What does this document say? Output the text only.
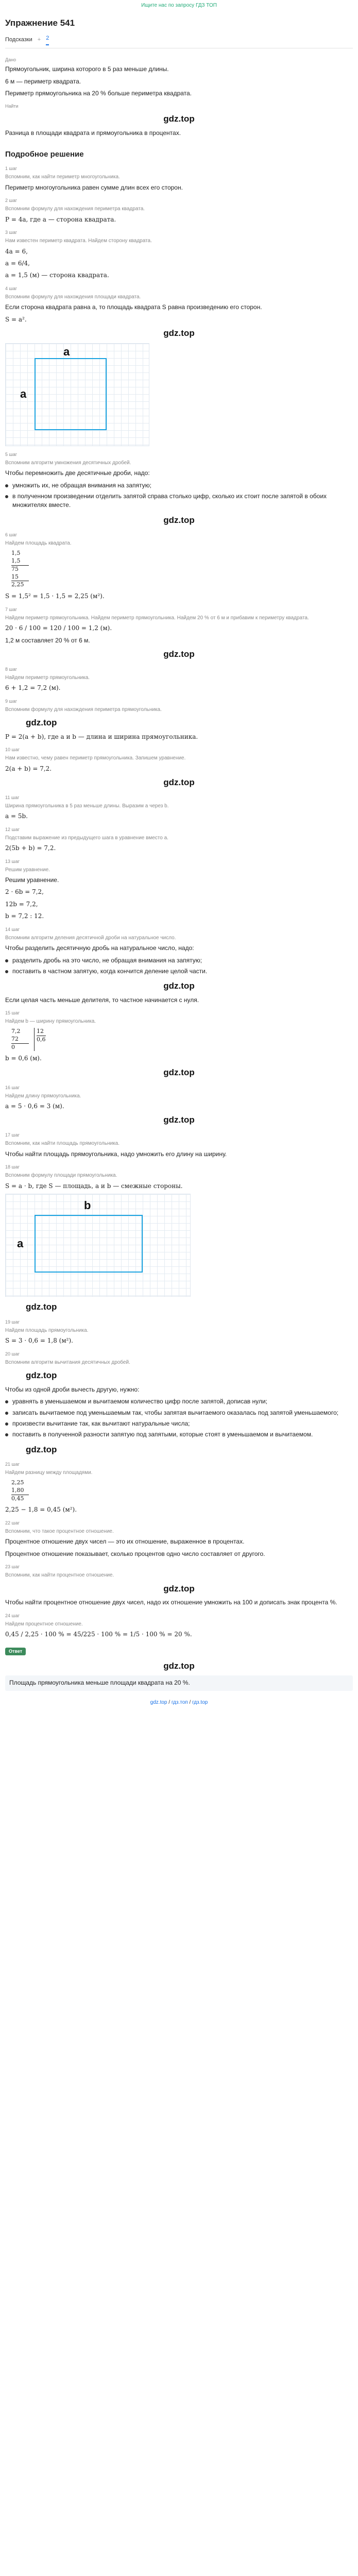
Ищите нас по запросу ГДЗ ТОП
Упражнение 541
Подсказки + 2
Дано

Прямоугольник, ширина которого в 5 раз меньше длины.

6 м — периметр квадрата.

Периметр прямоугольника на 20 % больше периметра квадрата.

Найти
gdz.top

Разница в площади квадрата и прямоугольника в процентах.

Подробное решение
1 шаг
Вспомним, как найти периметр многоугольника.

Периметр многоугольника равен сумме длин всех его сторон.

2 шаг
Вспомним формулу для нахождения периметра квадрата.

P = 4a, где a — сторона квадрата.

3 шаг
Нам известен периметр квадрата. Найдем сторону квадрата.

4a = 6,

a = 6/4,

a = 1,5 (м) — сторона квадрата.

4 шаг
Вспомним формулу для нахождения площади квадрата.

Если сторона квадрата равна a, то площадь квадрата S равна произведению его сторон.

S = a².

gdz.top
a
a
5 шаг
Вспомним алгоритм умножения десятичных дробей.

Чтобы перемножить две десятичные дроби, надо:

умножить их, не обращая внимания на запятую;
в полученном произведении отделить запятой справа столько цифр, сколько их стоит после запятой в обоих множителях вместе.
gdz.top
6 шаг
Найдем площадь квадрата.
1,5
1,5
75
15
2,25

S = 1,5² = 1,5 · 1,5 = 2,25 (м²).

7 шаг
Найдем периметр прямоугольника. Найдем периметр прямоугольника. Найдем 20 % от 6 м и прибавим к периметру квадрата.

20 · 6 / 100 = 120 / 100 = 1,2 (м).

1,2 м составляет 20 % от 6 м.

gdz.top
8 шаг
Найдем периметр прямоугольника.

6 + 1,2 = 7,2 (м).

9 шаг
Вспомним формулу для нахождения периметра прямоугольника.
gdz.top

P = 2(a + b), где a и b — длина и ширина прямоугольника.

10 шаг
Нам известно, чему равен периметр прямоугольника. Запишем уравнение.

2(a + b) = 7,2.

gdz.top
11 шаг
Ширина прямоугольника в 5 раз меньше длины. Выразим a через b.

a = 5b.

12 шаг
Подставим выражение из предыдущего шага в уравнение вместо a.

2(5b + b) = 7,2.

13 шаг
Решим уравнение.

Решим уравнение.

2 · 6b = 7,2,

12b = 7,2,

b = 7,2 : 12.

14 шаг
Вспомним алгоритм деления десятичной дроби на натуральное число.

Чтобы разделить десятичную дробь на натуральное число, надо:

разделить дробь на это число, не обращая внимания на запятую;
поставить в частном запятую, когда кончится деление целой части.
gdz.top

Если целая часть меньше делителя, то частное начинается с нуля.

15 шаг
Найдем b — ширину прямоугольника.
7,2
72
0
12
0,6

b = 0,6 (м).

gdz.top
16 шаг
Найдем длину прямоугольника.

a = 5 · 0,6 = 3 (м).

gdz.top
17 шаг
Вспомним, как найти площадь прямоугольника.

Чтобы найти площадь прямоугольника, надо умножить его длину на ширину.

18 шаг
Вспомним формулу площади прямоугольника.

S = a · b, где S — площадь, a и b — смежные стороны.

b
a
gdz.top
19 шаг
Найдем площадь прямоугольника.

S = 3 · 0,6 = 1,8 (м²).

20 шаг
Вспомним алгоритм вычитания десятичных дробей.
gdz.top

Чтобы из одной дроби вычесть другую, нужно:

уравнять в уменьшаемом и вычитаемом количество цифр после запятой, дописав нули;
записать вычитаемое под уменьшаемым так, чтобы запятая вычитаемого оказалась под запятой уменьшаемого;
произвести вычитание так, как вычитают натуральные числа;
поставить в полученной разности запятую под запятыми, которые стоят в уменьшаемом и вычитаемом.
gdz.top
21 шаг
Найдем разницу между площадями.
2,25
1,80
0,45

2,25 − 1,8 = 0,45 (м²).

22 шаг
Вспомним, что такое процентное отношение.

Процентное отношение двух чисел — это их отношение, выраженное в процентах.

Процентное отношение показывает, сколько процентов одно число составляет от другого.

23 шаг
Вспомним, как найти процентное отношение.
gdz.top

Чтобы найти процентное отношение двух чисел, надо их отношение умножить на 100 и дописать знак процента %.

24 шаг
Найдем процентное отношение.

0,45 / 2,25 · 100 % = 45/225 · 100 % = 1/5 · 100 % = 20 %.

Ответ
gdz.top
Площадь прямоугольника меньше площади квадрата на 20 %.
gdz.top / гдз.топ / гдз.top
